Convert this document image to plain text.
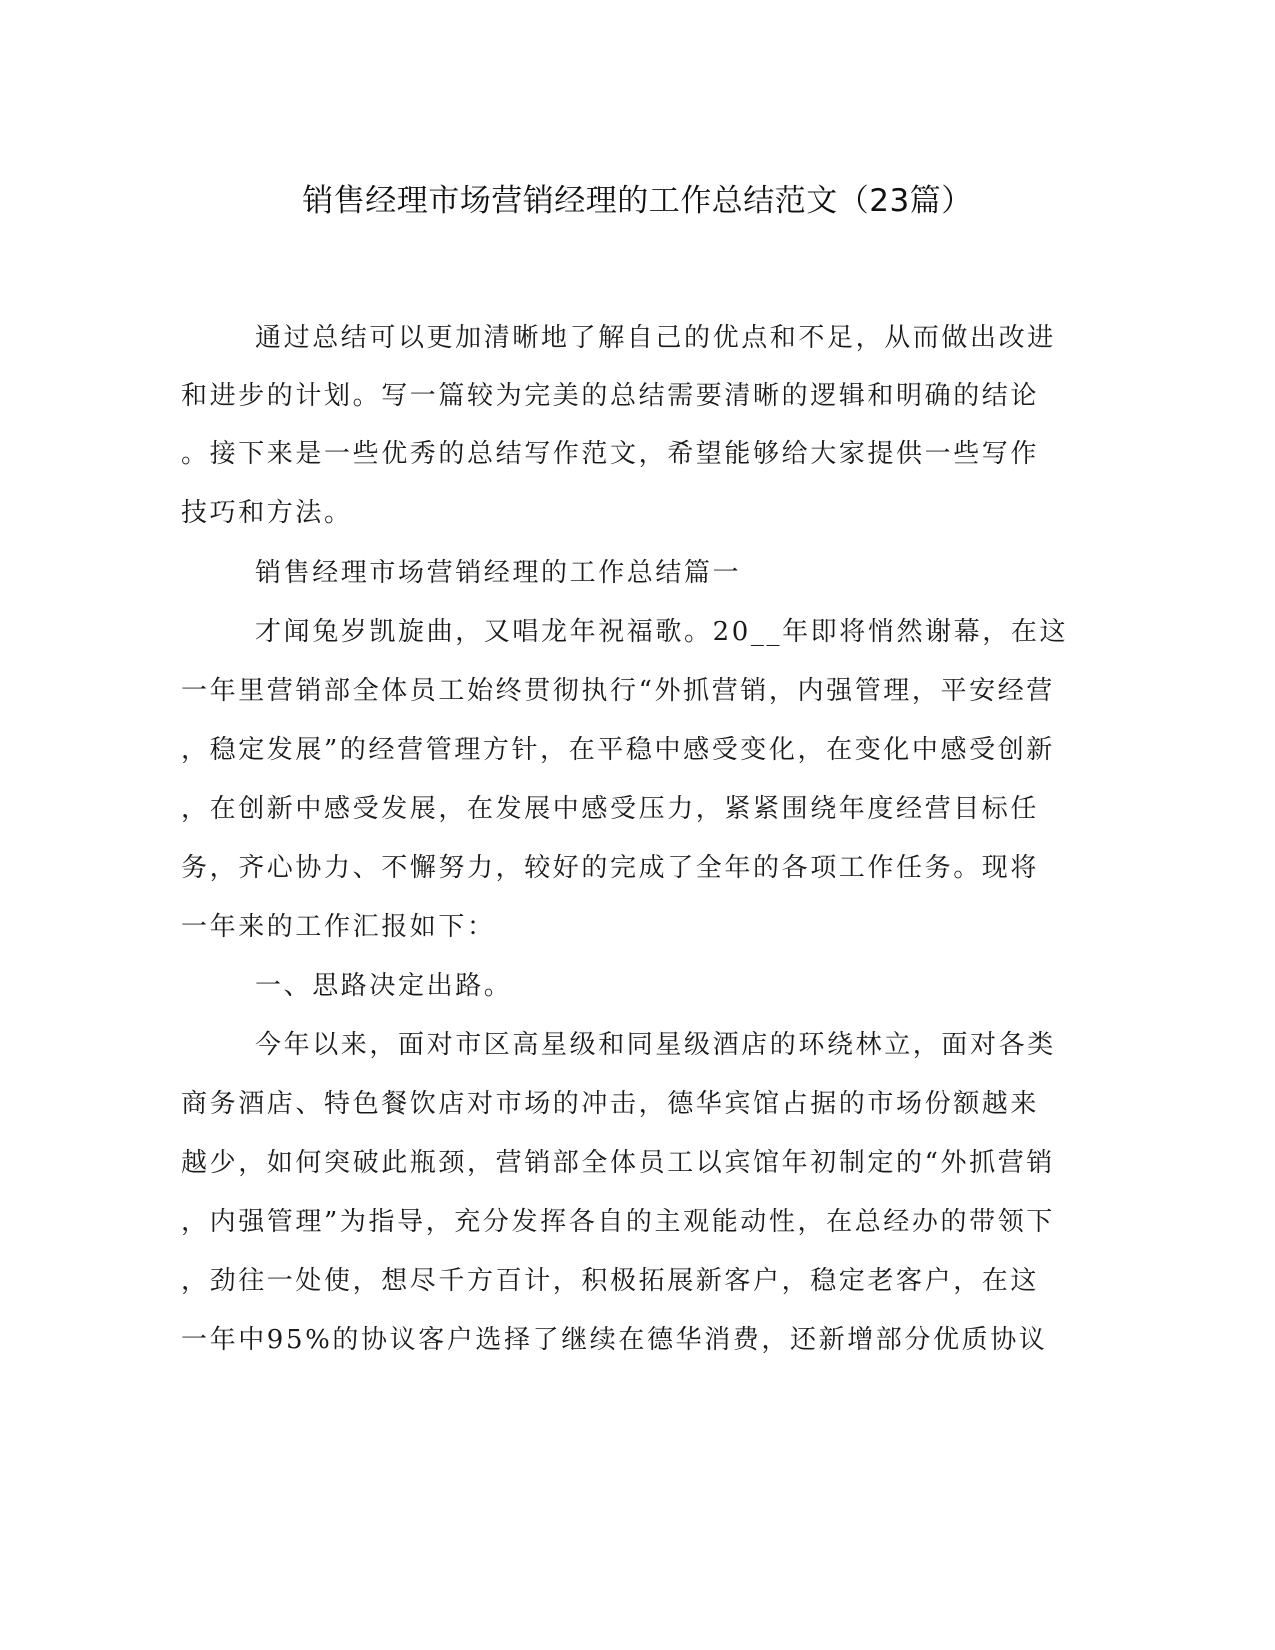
销售经理市场营销经理的工作总结范文（23篇）
通过总结可以更加清晰地了解自己的优点和不足，从而做出改进
和进步的计划。写一篇较为完美的总结需要清晰的逻辑和明确的结论
。接下来是一些优秀的总结写作范文，希望能够给大家提供一些写作
技巧和方法。
销售经理市场营销经理的工作总结篇一
才闻兔岁凯旋曲，又唱龙年祝福歌。20__年即将悄然谢幕，在这
一年里营销部全体员工始终贯彻执行“外抓营销，内强管理，平安经营
，稳定发展”的经营管理方针，在平稳中感受变化，在变化中感受创新
，在创新中感受发展，在发展中感受压力，紧紧围绕年度经营目标任
务，齐心协力、不懈努力，较好的完成了全年的各项工作任务。现将
一年来的工作汇报如下：
一、思路决定出路。
今年以来，面对市区高星级和同星级酒店的环绕林立，面对各类
商务酒店、特色餐饮店对市场的冲击，德华宾馆占据的市场份额越来
越少，如何突破此瓶颈，营销部全体员工以宾馆年初制定的“外抓营销
，内强管理”为指导，充分发挥各自的主观能动性，在总经办的带领下
，劲往一处使，想尽千方百计，积极拓展新客户，稳定老客户，在这
一年中95%的协议客户选择了继续在德华消费，还新增部分优质协议
